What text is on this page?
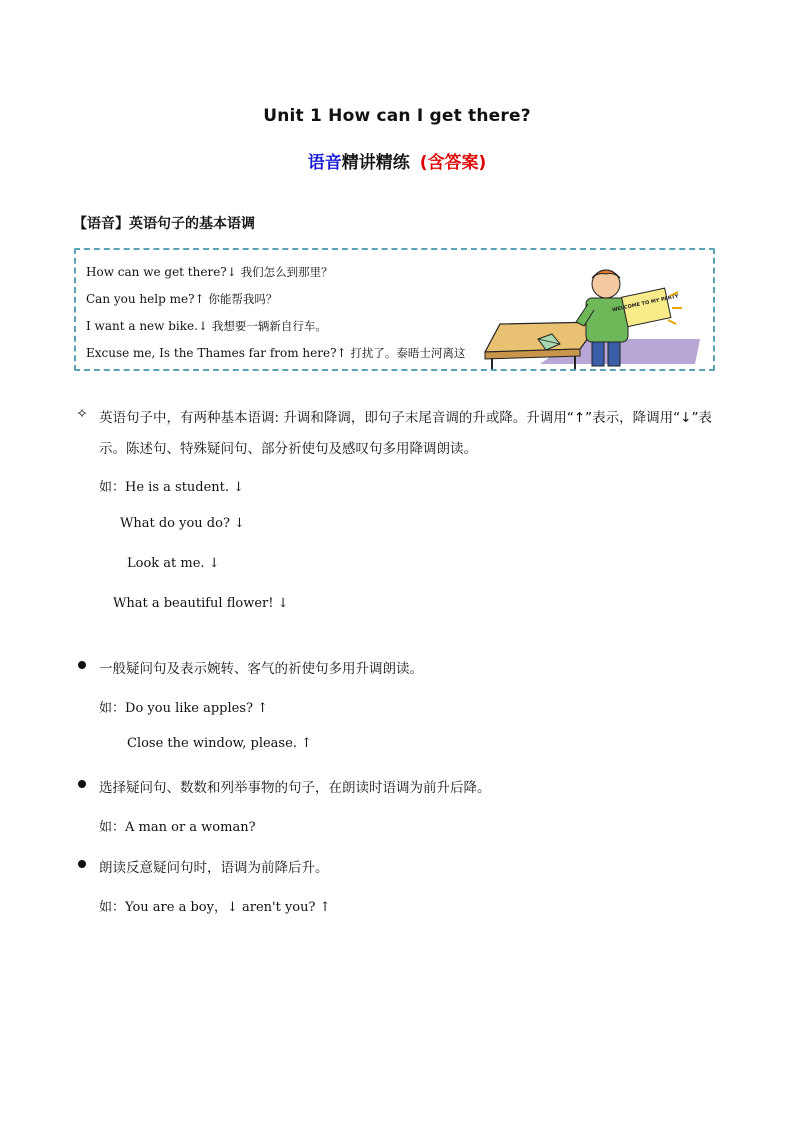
Unit 1 How can I get there?
语音精讲精练 (含答案)
【语音】英语句子的基本语调
How can we get there?↓ 我们怎么到那里？
Can you help me?↑ 你能帮我吗？
I want a new bike.↓ 我想要一辆新自行车。
Excuse me, Is the Thames far from here?↑ 打扰了。泰晤士河离这
WELCOME TO MY PARTY
✧ 英语句子中，有两种基本语调: 升调和降调，即句子末尾音调的升或降。升调用“↑”表示，降调用“↓”表
示。陈述句、特殊疑问句、部分祈使句及感叹句多用降调朗读。
如：He is a student. ↓
What do you do? ↓
Look at me. ↓
What a beautiful flower! ↓
一般疑问句及表示婉转、客气的祈使句多用升调朗读。
如：Do you like apples? ↑
Close the window, please. ↑
选择疑问句、数数和列举事物的句子，在朗读时语调为前升后降。
如：A man or a woman?
朗读反意疑问句时，语调为前降后升。
如：You are a boy，↓ aren't you? ↑
